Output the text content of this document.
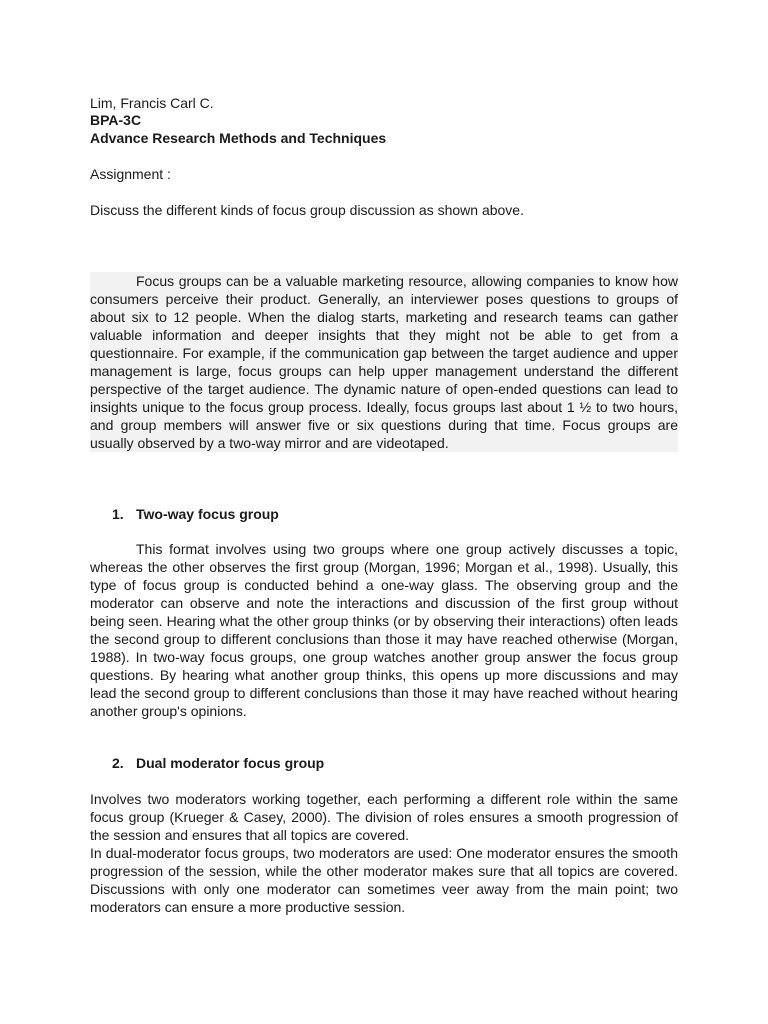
Lim, Francis Carl C.
BPA-3C
Advance Research Methods and Techniques
Assignment :
Discuss the different kinds of focus group discussion as shown above.
Focus groups can be a valuable marketing resource, allowing companies to know how consumers perceive their product. Generally, an interviewer poses questions to groups of about six to 12 people. When the dialog starts, marketing and research teams can gather valuable information and deeper insights that they might not be able to get from a questionnaire. For example, if the communication gap between the target audience and upper management is large, focus groups can help upper management understand the different perspective of the target audience. The dynamic nature of open-ended questions can lead to insights unique to the focus group process. Ideally, focus groups last about 1 ½ to two hours, and group members will answer five or six questions during that time. Focus groups are usually observed by a two-way mirror and are videotaped.
1. Two-way focus group
This format involves using two groups where one group actively discusses a topic, whereas the other observes the first group (Morgan, 1996; Morgan et al., 1998). Usually, this type of focus group is conducted behind a one-way glass. The observing group and the moderator can observe and note the interactions and discussion of the first group without being seen. Hearing what the other group thinks (or by observing their interactions) often leads the second group to different conclusions than those it may have reached otherwise (Morgan, 1988). In two-way focus groups, one group watches another group answer the focus group questions. By hearing what another group thinks, this opens up more discussions and may lead the second group to different conclusions than those it may have reached without hearing another group's opinions.
2. Dual moderator focus group
Involves two moderators working together, each performing a different role within the same focus group (Krueger & Casey, 2000). The division of roles ensures a smooth progression of the session and ensures that all topics are covered.
In dual-moderator focus groups, two moderators are used: One moderator ensures the smooth progression of the session, while the other moderator makes sure that all topics are covered. Discussions with only one moderator can sometimes veer away from the main point; two moderators can ensure a more productive session.
